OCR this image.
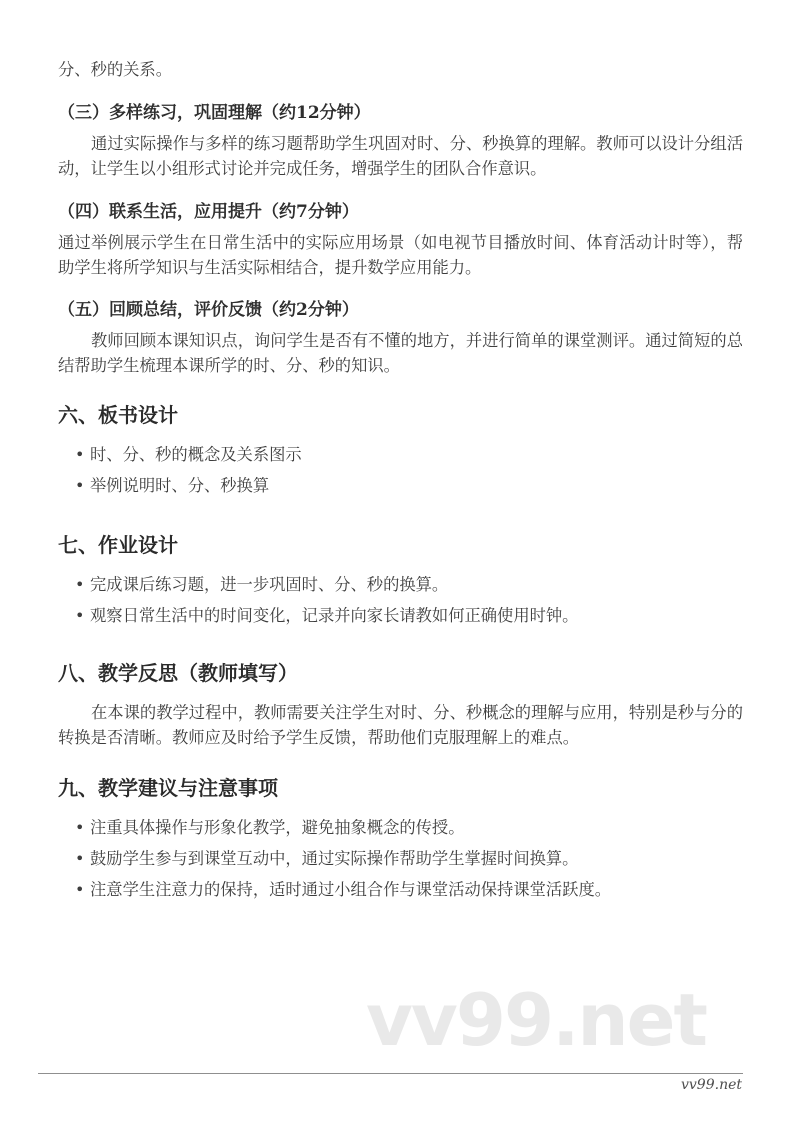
分、秒的关系。

（三）多样练习，巩固理解（约12分钟）

通过实际操作与多样的练习题帮助学生巩固对时、分、秒换算的理解。教师可以设计分组活动，让学生以小组形式讨论并完成任务，增强学生的团队合作意识。

（四）联系生活，应用提升（约7分钟）

通过举例展示学生在日常生活中的实际应用场景（如电视节目播放时间、体育活动计时等），帮助学生将所学知识与生活实际相结合，提升数学应用能力。

（五）回顾总结，评价反馈（约2分钟）

教师回顾本课知识点，询问学生是否有不懂的地方，并进行简单的课堂测评。通过简短的总结帮助学生梳理本课所学的时、分、秒的知识。

六、板书设计
• 时、分、秒的概念及关系图示
• 举例说明时、分、秒换算
七、作业设计
• 完成课后练习题，进一步巩固时、分、秒的换算。
• 观察日常生活中的时间变化，记录并向家长请教如何正确使用时钟。
八、教学反思（教师填写）

在本课的教学过程中，教师需要关注学生对时、分、秒概念的理解与应用，特别是秒与分的转换是否清晰。教师应及时给予学生反馈，帮助他们克服理解上的难点。

九、教学建议与注意事项
• 注重具体操作与形象化教学，避免抽象概念的传授。
• 鼓励学生参与到课堂互动中，通过实际操作帮助学生掌握时间换算。
• 注意学生注意力的保持，适时通过小组合作与课堂活动保持课堂活跃度。
vv99.net
vv99.net
